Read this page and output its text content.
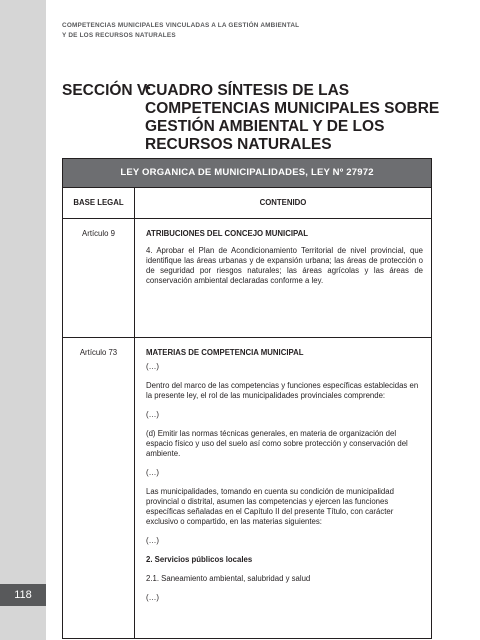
118
COMPETENCIAS MUNICIPALES VINCULADAS A LA GESTIÓN AMBIENTAL
Y DE LOS RECURSOS NATURALES
SECCIÓN V:
CUADRO SÍNTESIS DE LAS COMPETENCIAS MUNICIPALES SOBRE GESTIÓN AMBIENTAL Y DE LOS RECURSOS NATURALES
LEY ORGANICA DE MUNICIPALIDADES, LEY Nº 27972
BASE LEGAL	CONTENIDO
Artículo 9	ATRIBUCIONES DEL CONCEJO MUNICIPAL

4. Aprobar el Plan de Acondicionamiento Territorial de nivel provincial, que identifique las áreas urbanas y de expansión urbana; las áreas de protección o de seguridad por riesgos naturales; las áreas agrícolas y las áreas de conservación ambiental declaradas conforme a ley.

Artículo 73	MATERIAS DE COMPETENCIA MUNICIPAL

(…)

Dentro del marco de las competencias y funciones específicas establecidas en la presente ley, el rol de las municipalidades provinciales comprende:

(…)

(d) Emitir las normas técnicas generales, en materia de organización del espacio físico y uso del suelo así como sobre protección y conservación del ambiente.

(…)

Las municipalidades, tomando en cuenta su condición de municipalidad provincial o distrital, asumen las competencias y ejercen las funciones específicas señaladas en el Capítulo II del presente Título, con carácter exclusivo o compartido, en las materias siguientes:

(…)

2. Servicios públicos locales

2.1. Saneamiento ambiental, salubridad y salud

(…)
